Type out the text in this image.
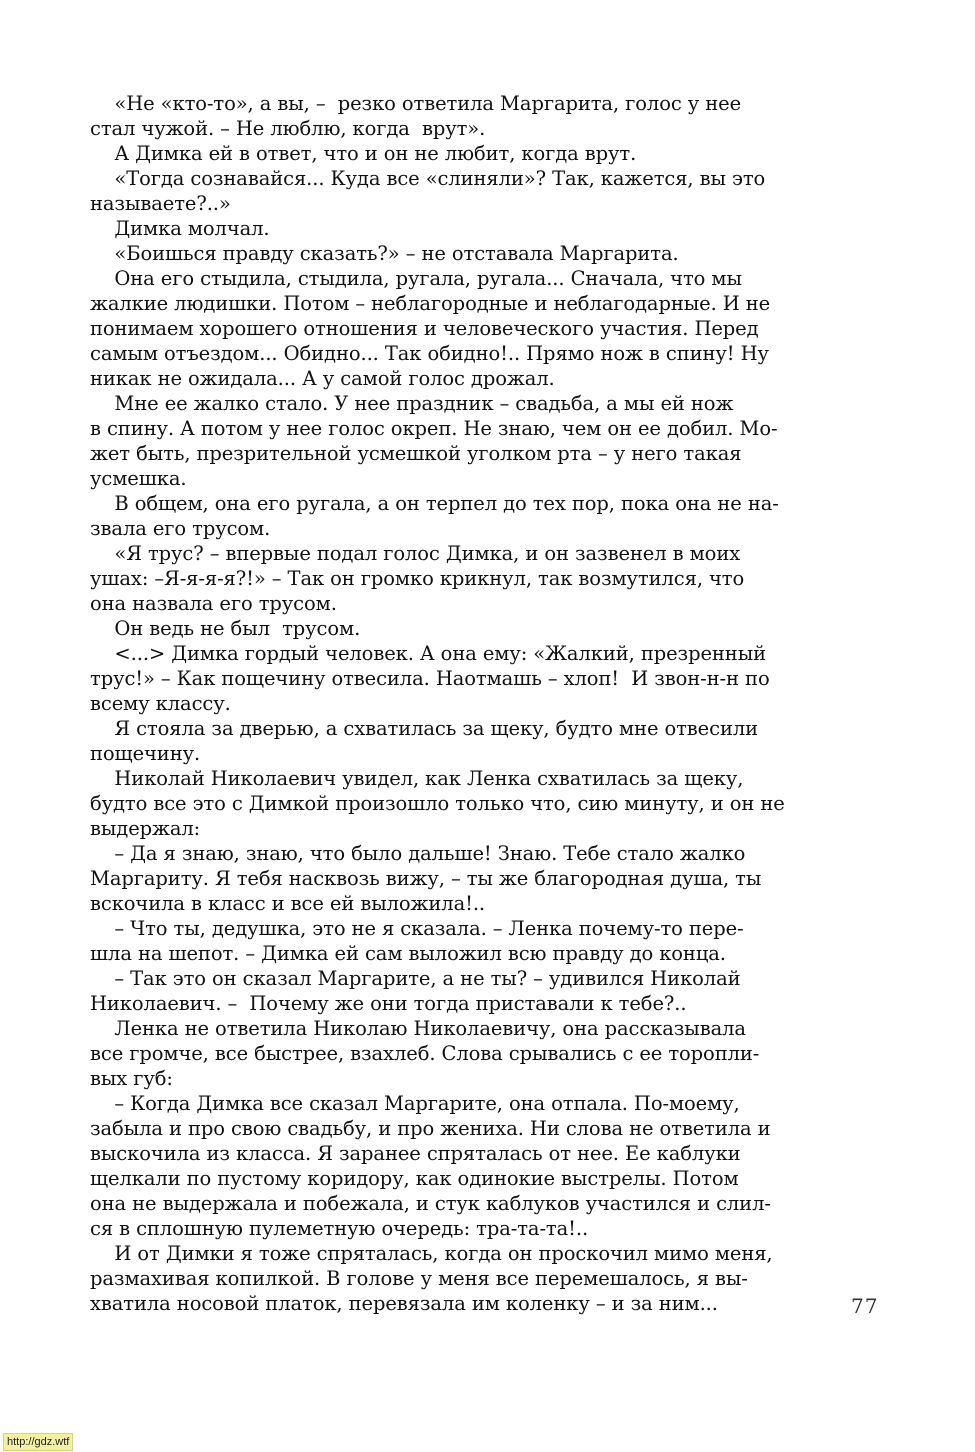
«Не «кто-то», а вы, –  резко ответила Маргарита, голос у нее
стал чужой. – Не люблю, когда  врут».
А Димка ей в ответ, что и он не любит, когда врут.
«Тогда сознавайся... Куда все «слиняли»? Так, кажется, вы это
называете?..»
Димка молчал.
«Боишься правду сказать?» – не отставала Маргарита.
Она его стыдила, стыдила, ругала, ругала... Сначала, что мы
жалкие людишки. Потом – неблагородные и неблагодарные. И не
понимаем хорошего отношения и человеческого участия. Перед
самым отъездом... Обидно... Так обидно!.. Прямо нож в спину! Ну
никак не ожидала... А у самой голос дрожал.
Мне ее жалко стало. У нее праздник – свадьба, а мы ей нож
в спину. А потом у нее голос окреп. Не знаю, чем он ее добил. Мо-
жет быть, презрительной усмешкой уголком рта – у него такая
усмешка.
В общем, она его ругала, а он терпел до тех пор, пока она не на-
звала его трусом.
«Я трус? – впервые подал голос Димка, и он зазвенел в моих
ушах: –Я-я-я-я?!» – Так он громко крикнул, так возмутился, что
она назвала его трусом.
Он ведь не был  трусом.
<...> Димка гордый человек. А она ему: «Жалкий, презренный
трус!» – Как пощечину отвесила. Наотмашь – хлоп!  И звон-н-н по
всему классу.
Я стояла за дверью, а схватилась за щеку, будто мне отвесили
пощечину.
Николай Николаевич увидел, как Ленка схватилась за щеку,
будто все это с Димкой произошло только что, сию минуту, и он не
выдержал:
– Да я знаю, знаю, что было дальше! Знаю. Тебе стало жалко
Маргариту. Я тебя насквозь вижу, – ты же благородная душа, ты
вскочила в класс и все ей выложила!..
– Что ты, дедушка, это не я сказала. – Ленка почему-то пере-
шла на шепот. – Димка ей сам выложил всю правду до конца.
– Так это он сказал Маргарите, а не ты? – удивился Николай
Николаевич. –  Почему же они тогда приставали к тебе?..
Ленка не ответила Николаю Николаевичу, она рассказывала
все громче, все быстрее, взахлеб. Слова срывались с ее торопли-
вых губ:
– Когда Димка все сказал Маргарите, она отпала. По-моему,
забыла и про свою свадьбу, и про жениха. Ни слова не ответила и
выскочила из класса. Я заранее спряталась от нее. Ее каблуки
щелкали по пустому коридору, как одинокие выстрелы. Потом
она не выдержала и побежала, и стук каблуков участился и слил-
ся в сплошную пулеметную очередь: тра-та-та!..
И от Димки я тоже спряталась, когда он проскочил мимо меня,
размахивая копилкой. В голове у меня все перемешалось, я вы-
хватила носовой платок, перевязала им коленку – и за ним...	77
http://gdz.wtf
